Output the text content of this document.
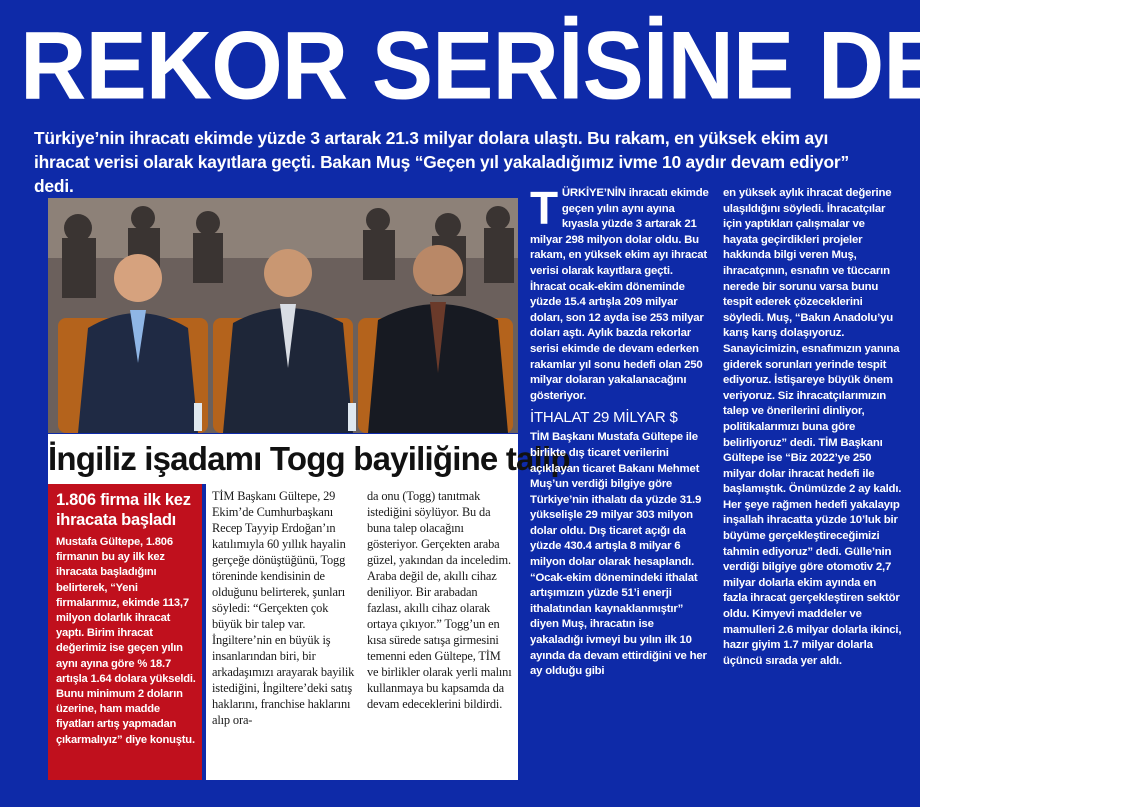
REKOR SERİSİNE DEVAM
Türkiye’nin ihracatı ekimde yüzde 3 artarak 21.3 milyar dolara ulaştı. Bu rakam, en yüksek ekim ayı ihracat verisi olarak kayıtlara geçti. Bakan Muş “Geçen yıl yakaladığımız ivme 10 aydır devam ediyor” dedi.
İngiliz işadamı Togg bayiliğine talip
1.806 firma ilk kez ihracata başladı
Mustafa Gültepe, 1.806 firmanın bu ay ilk kez ihracata başladığını belirterek, “Yeni firmalarımız, ekimde 113,7 milyon dolarlık ihracat yaptı. Birim ihracat değerimiz ise geçen yılın aynı ayına göre % 18.7 artışla 1.64 dolara yükseldi. Bunu minimum 2 doların üzerine, ham madde fiyatları artış yapmadan çıkarmalıyız” diye konuştu.
TİM Başkanı Gültepe, 29 Ekim’de Cumhurbaşkanı Recep Tayyip Erdoğan’ın katılımıyla 60 yıllık hayalin gerçeğe dönüştüğünü, Togg töreninde kendisinin de olduğunu belirterek, şunları söyledi: “Gerçekten çok büyük bir talep var. İngiltere’nin en büyük iş insanlarından biri, bir arkadaşımızı arayarak bayilik istediğini, İngiltere’deki satış haklarını, franchise haklarını alıp ora-
da onu (Togg) tanıtmak istediğini söylüyor. Bu da buna talep olacağını gösteriyor. Gerçekten araba güzel, yakından da inceledim. Araba değil de, akıllı cihaz deniliyor. Bir arabadan fazlası, akıllı cihaz olarak ortaya çıkıyor.” Togg’un en kısa sürede satışa girmesini temenni eden Gültepe, TİM ve birlikler olarak yerli malını kullanmaya bu kapsamda da devam edeceklerini bildirdi.
T ÜRKİYE’NİN ihracatı ekimde geçen yılın aynı ayına kıyasla yüzde 3 artarak 21 milyar 298 milyon dolar oldu. Bu rakam, en yüksek ekim ayı ihracat verisi olarak kayıtlara geçti. İhracat ocak-ekim döneminde yüzde 15.4 artışla 209 milyar doları, son 12 ayda ise 253 milyar doları aştı. Aylık bazda rekorlar serisi ekimde de devam ederken rakamlar yıl sonu hedefi olan 250 milyar dolaran yakalanacağını gösteriyor.
İTHALAT 29 MİLYAR $
TİM Başkanı Mustafa Gültepe ile birlikte dış ticaret verilerini açıklayan ticaret Bakanı Mehmet Muş’un verdiği bilgiye göre Türkiye’nin ithalatı da yüzde 31.9 yükselişle 29 milyar 303 milyon dolar oldu. Dış ticaret açığı da yüzde 430.4 artışla 8 milyar 6 milyon dolar olarak hesaplandı. “Ocak-ekim dönemindeki ithalat artışımızın yüzde 51’i enerji ithalatından kaynaklanmıştır” diyen Muş, ihracatın ise yakaladığı ivmeyi bu yılın ilk 10 ayında da devam ettirdiğini ve her ay olduğu gibi
en yüksek aylık ihracat değerine ulaşıldığını söyledi. İhracatçılar için yaptıkları çalışmalar ve hayata geçirdikleri projeler hakkında bilgi veren Muş, ihracatçının, esnafın ve tüccarın nerede bir sorunu varsa bunu tespit ederek çözeceklerini söyledi. Muş, “Bakın Anadolu’yu karış karış dolaşıyoruz. Sanayicimizin, esnafımızın yanına giderek sorunları yerinde tespit ediyoruz. İstişareye büyük önem veriyoruz. Siz ihracatçılarımızın talep ve önerilerini dinliyor, politikalarımızı buna göre belirliyoruz” dedi. TİM Başkanı Gültepe ise “Biz 2022’ye 250 milyar dolar ihracat hedefi ile başlamıştık. Önümüzde 2 ay kaldı. Her şeye rağmen hedefi yakalayıp inşallah ihracatta yüzde 10’luk bir büyüme gerçekleştireceğimizi tahmin ediyoruz” dedi. Gülle’nin verdiği bilgiye göre otomotiv 2,7 milyar dolarla ekim ayında en fazla ihracat gerçekleştiren sektör oldu. Kimyevi maddeler ve mamulleri 2.6 milyar dolarla ikinci, hazır giyim 1.7 milyar dolarla üçüncü sırada yer aldı.
